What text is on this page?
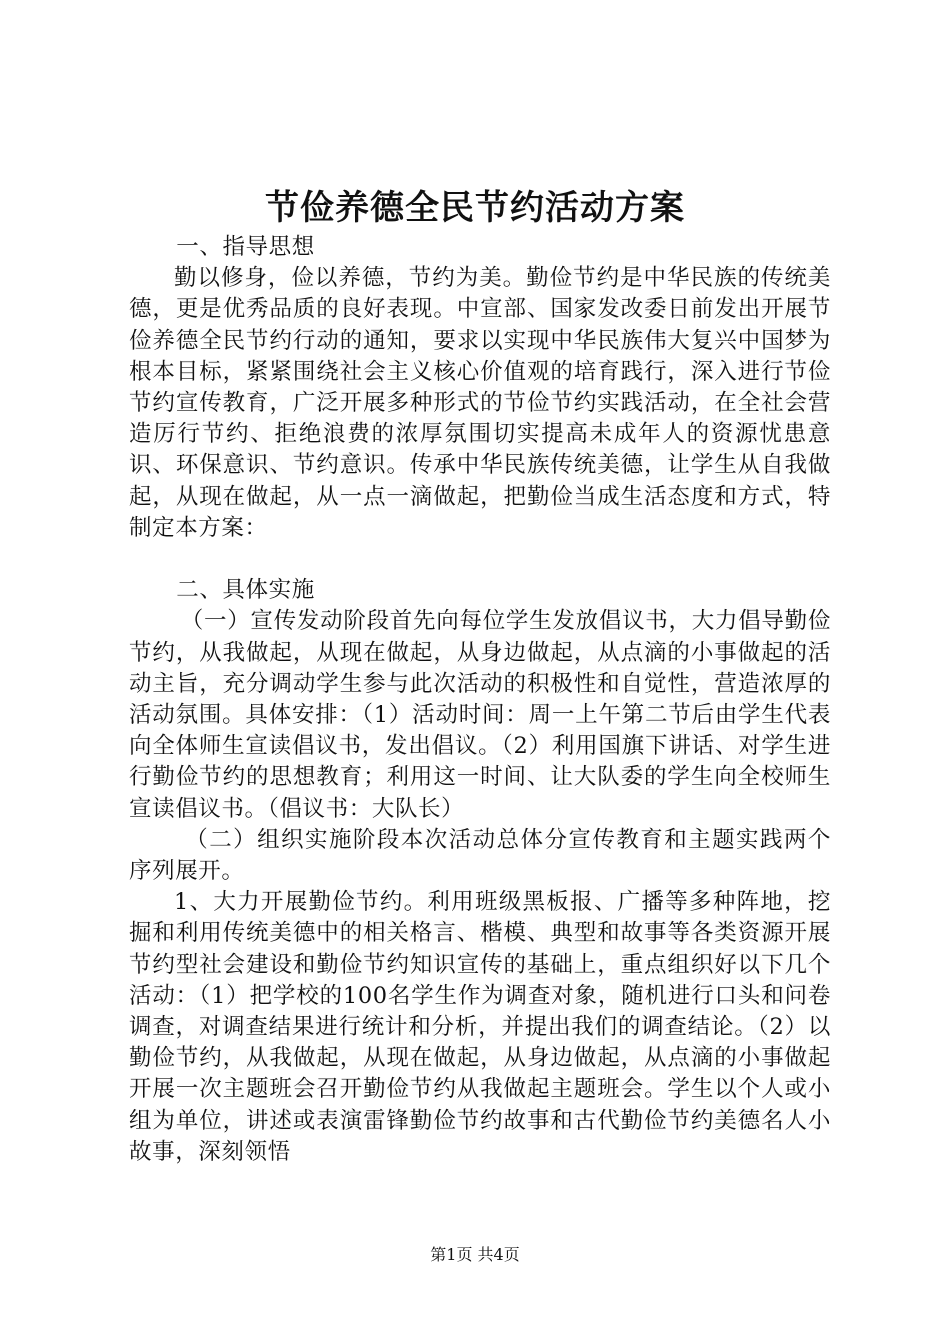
节俭养德全民节约活动方案

一、指导思想

勤以修身，俭以养德，节约为美。勤俭节约是中华民族的传统美德，更是优秀品质的良好表现。中宣部、国家发改委日前发出开展节俭养德全民节约行动的通知，要求以实现中华民族伟大复兴中国梦为根本目标，紧紧围绕社会主义核心价值观的培育践行，深入进行节俭节约宣传教育，广泛开展多种形式的节俭节约实践活动，在全社会营造厉行节约、拒绝浪费的浓厚氛围切实提高未成年人的资源忧患意识、环保意识、节约意识。传承中华民族传统美德，让学生从自我做起，从现在做起，从一点一滴做起，把勤俭当成生活态度和方式，特制定本方案：

二、具体实施

（一）宣传发动阶段首先向每位学生发放倡议书，大力倡导勤俭节约，从我做起，从现在做起，从身边做起，从点滴的小事做起的活动主旨，充分调动学生参与此次活动的积极性和自觉性，营造浓厚的活动氛围。具体安排：（1）活动时间：周一上午第二节后由学生代表向全体师生宣读倡议书，发出倡议。（2）利用国旗下讲话、对学生进行勤俭节约的思想教育；利用这一时间、让大队委的学生向全校师生宣读倡议书。（倡议书：大队长）

（二）组织实施阶段本次活动总体分宣传教育和主题实践两个序列展开。

1、大力开展勤俭节约。利用班级黑板报、广播等多种阵地，挖掘和利用传统美德中的相关格言、楷模、典型和故事等各类资源开展节约型社会建设和勤俭节约知识宣传的基础上，重点组织好以下几个活动：（1）把学校的100名学生作为调查对象，随机进行口头和问卷调查，对调查结果进行统计和分析，并提出我们的调查结论。（2）以勤俭节约，从我做起，从现在做起，从身边做起，从点滴的小事做起开展一次主题班会召开勤俭节约从我做起主题班会。学生以个人或小组为单位，讲述或表演雷锋勤俭节约故事和古代勤俭节约美德名人小故事，深刻领悟

第1页 共4页
